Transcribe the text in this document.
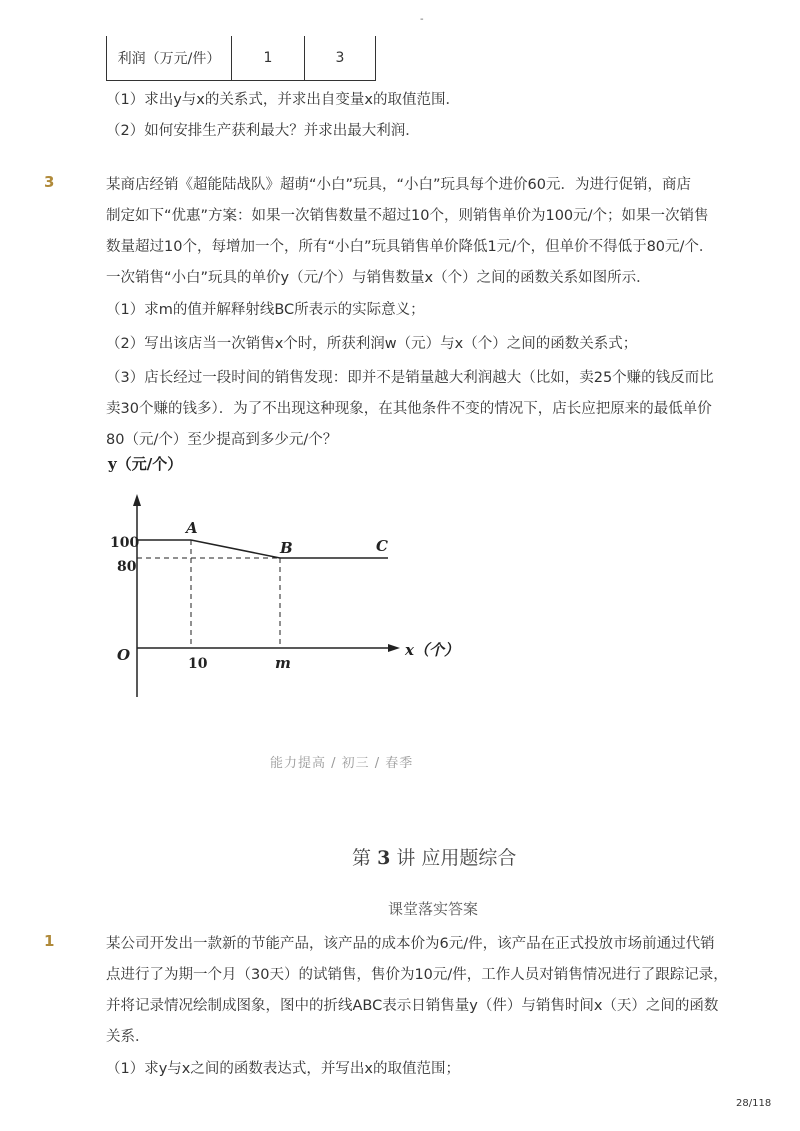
-
利润（万元/件）	1	3
（1）求出y与x的关系式，并求出自变量x的取值范围．
（2）如何安排生产获利最大？并求出最大利润．
3	某商店经销《超能陆战队》超萌“小白”玩具，“小白”玩具每个进价60元．为进行促销，商店
制定如下“优惠”方案：如果一次销售数量不超过10个，则销售单价为100元/个；如果一次销售
数量超过10个，每增加一个，所有“小白”玩具销售单价降低1元/个，但单价不得低于80元/个．
一次销售“小白”玩具的单价y（元/个）与销售数量x（个）之间的函数关系如图所示．
（1）求m的值并解释射线BC所表示的实际意义；
（2）写出该店当一次销售x个时，所获利润w（元）与x（个）之间的函数关系式；
（3）店长经过一段时间的销售发现：即并不是销量越大利润越大（比如，卖25个赚的钱反而比
卖30个赚的钱多）．为了不出现这种现象，在其他条件不变的情况下，店长应把原来的最低单价
80（元/个）至少提高到多少元/个？
y（元/个）
x（个）
O
100
80
10	m
A
B	C
能力提高 / 初三 / 春季
第 3 讲 应用题综合
课堂落实答案
1	某公司开发出一款新的节能产品，该产品的成本价为6元/件，该产品在正式投放市场前通过代销
点进行了为期一个月（30天）的试销售，售价为10元/件，工作人员对销售情况进行了跟踪记录，
并将记录情况绘制成图象，图中的折线ABC表示日销售量y（件）与销售时间x（天）之间的函数
关系．
（1）求y与x之间的函数表达式，并写出x的取值范围；
28/118
